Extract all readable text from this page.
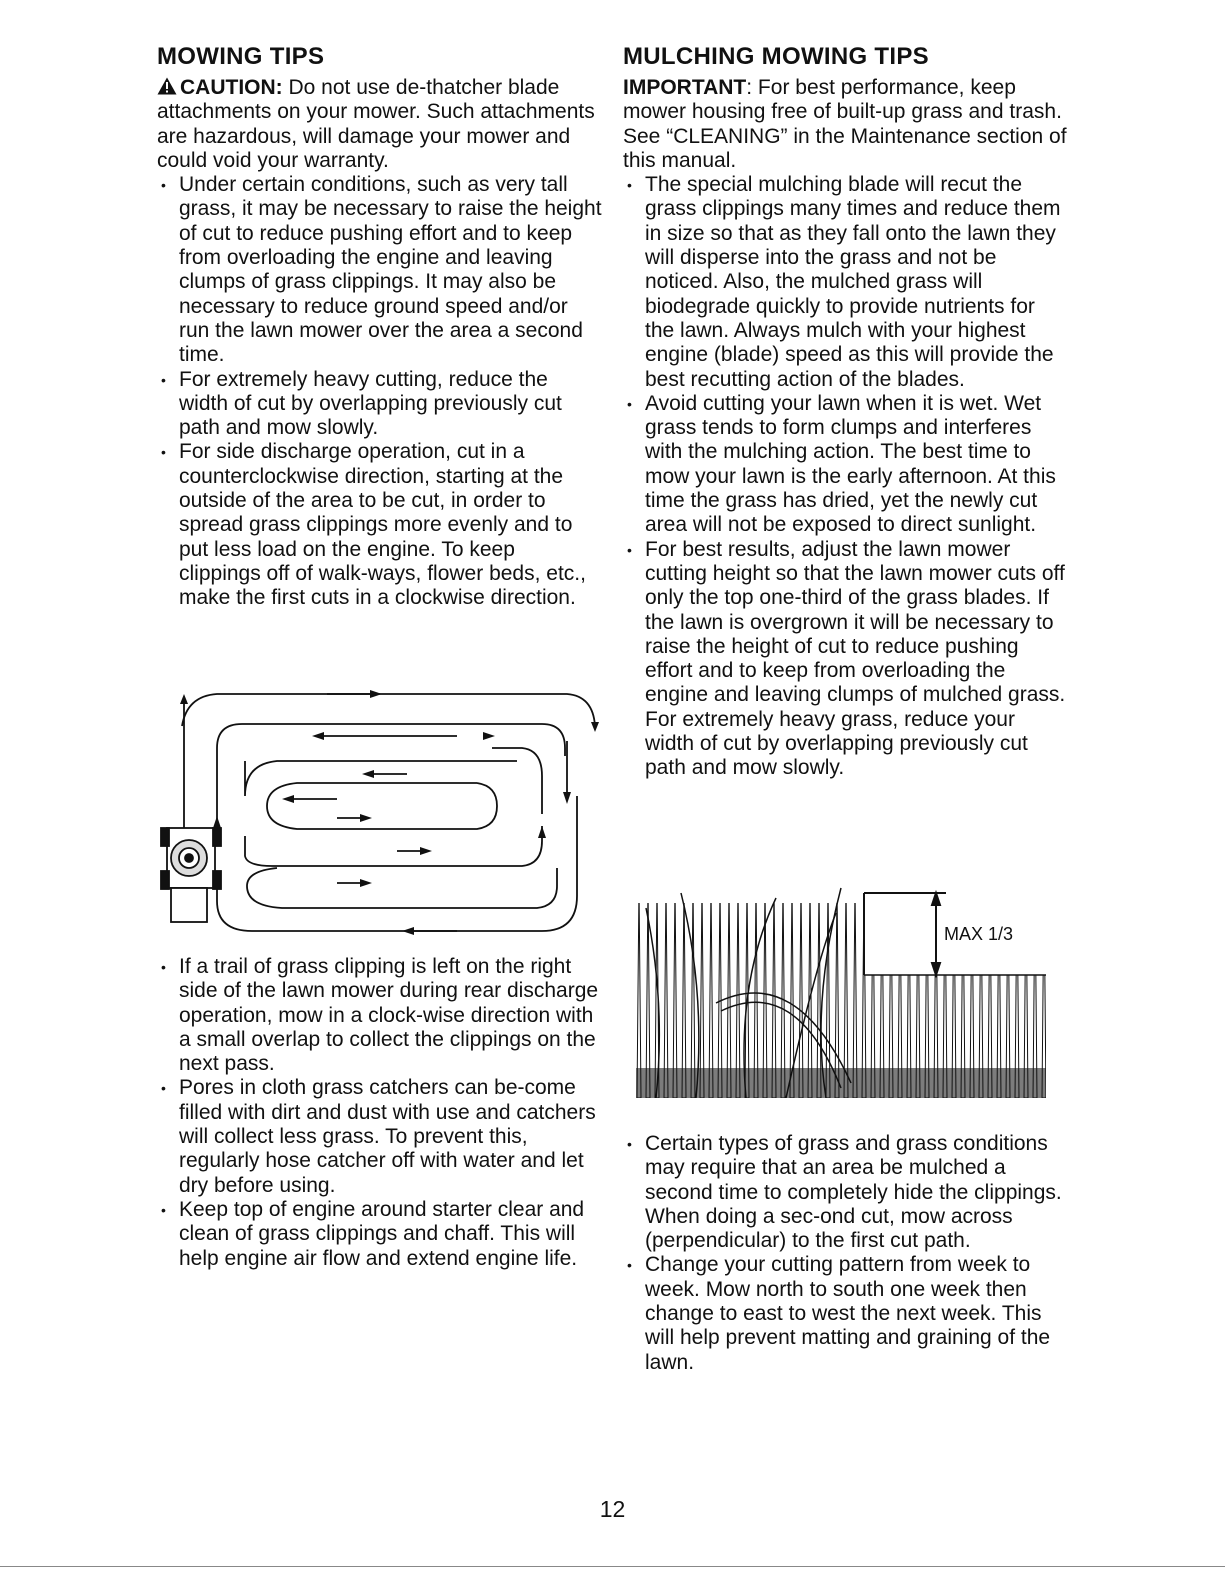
MOWING TIPS

CAUTION: Do not use de-thatcher blade attachments on your mower. Such attachments are hazardous, will damage your mower and could void your warranty.

• Under certain conditions, such as very tall grass, it may be necessary to raise the height of cut to reduce pushing effort and to keep from overloading the engine and leaving clumps of grass clippings. It may also be necessary to reduce ground speed and/or run the lawn mower over the area a second time.
• For extremely heavy cutting, reduce the width of cut by overlapping previously cut path and mow slowly.
• For side discharge operation, cut in a counterclockwise direction, starting at the outside of the area to be cut, in order to spread grass clippings more evenly and to put less load on the engine. To keep clippings off of walk-ways, flower beds, etc., make the first cuts in a clockwise direction.
• If a trail of grass clipping is left on the right side of the lawn mower during rear discharge operation, mow in a clock-wise direction with a small overlap to collect the clippings on the next pass.
• Pores in cloth grass catchers can be-come filled with dirt and dust with use and catchers will collect less grass. To prevent this, regularly hose catcher off with water and let dry before using.
• Keep top of engine around starter clear and clean of grass clippings and chaff. This will help engine air flow and extend engine life.
MULCHING MOWING TIPS

IMPORTANT: For best performance, keep mower housing free of built-up grass and trash. See “CLEANING” in the Maintenance section of this manual.

• The special mulching blade will recut the grass clippings many times and reduce them in size so that as they fall onto the lawn they will disperse into the grass and not be noticed. Also, the mulched grass will biodegrade quickly to provide nutrients for the lawn. Always mulch with your highest engine (blade) speed as this will provide the best recutting action of the blades.
• Avoid cutting your lawn when it is wet. Wet grass tends to form clumps and interferes with the mulching action. The best time to mow your lawn is the early afternoon. At this time the grass has dried, yet the newly cut area will not be exposed to direct sunlight.
• For best results, adjust the lawn mower cutting height so that the lawn mower cuts off only the top one-third of the grass blades. If the lawn is overgrown it will be necessary to raise the height of cut to reduce pushing effort and to keep from overloading the engine and leaving clumps of mulched grass. For extremely heavy grass, reduce your width of cut by overlapping previously cut path and mow slowly.
MAX 1/3
• Certain types of grass and grass conditions may require that an area be mulched a second time to completely hide the clippings. When doing a sec-ond cut, mow across (perpendicular) to the first cut path.
• Change your cutting pattern from week to week. Mow north to south one week then change to east to west the next week. This will help prevent matting and graining of the lawn.
12
